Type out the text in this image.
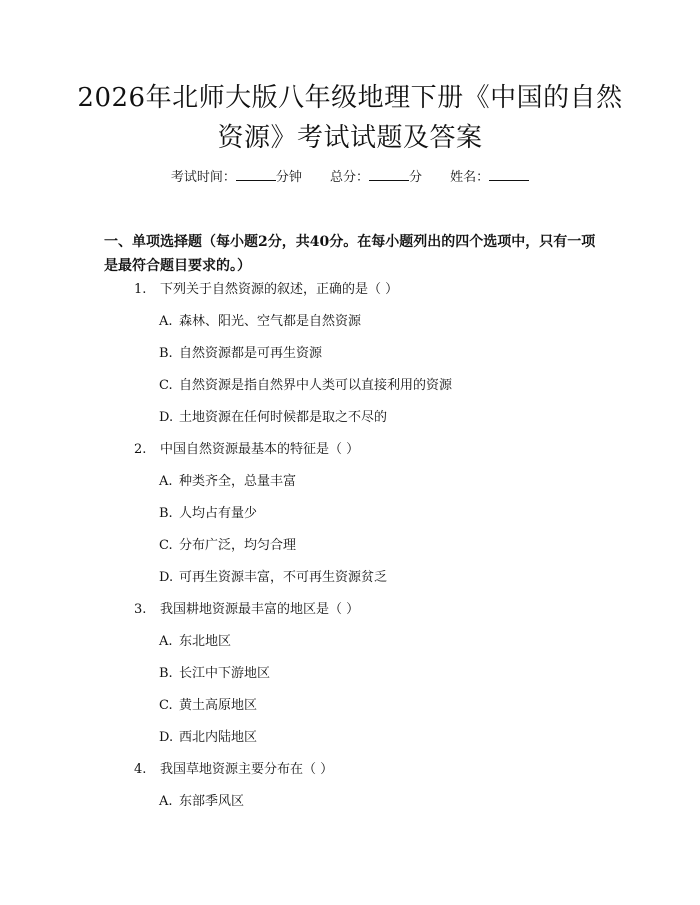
2026年北师大版八年级地理下册《中国的自然资源》考试试题及答案
考试时间：	分钟 总分：	分 姓名：
一、单项选择题（每小题2分，共40分。在每小题列出的四个选项中，只有一项是最符合题目要求的。）
1. 下列关于自然资源的叙述，正确的是（ ）
A. 森林、阳光、空气都是自然资源
B. 自然资源都是可再生资源
C. 自然资源是指自然界中人类可以直接利用的资源
D. 土地资源在任何时候都是取之不尽的
2. 中国自然资源最基本的特征是（ ）
A. 种类齐全，总量丰富
B. 人均占有量少
C. 分布广泛，均匀合理
D. 可再生资源丰富，不可再生资源贫乏
3. 我国耕地资源最丰富的地区是（ ）
A. 东北地区
B. 长江中下游地区
C. 黄土高原地区
D. 西北内陆地区
4. 我国草地资源主要分布在（ ）
A. 东部季风区
